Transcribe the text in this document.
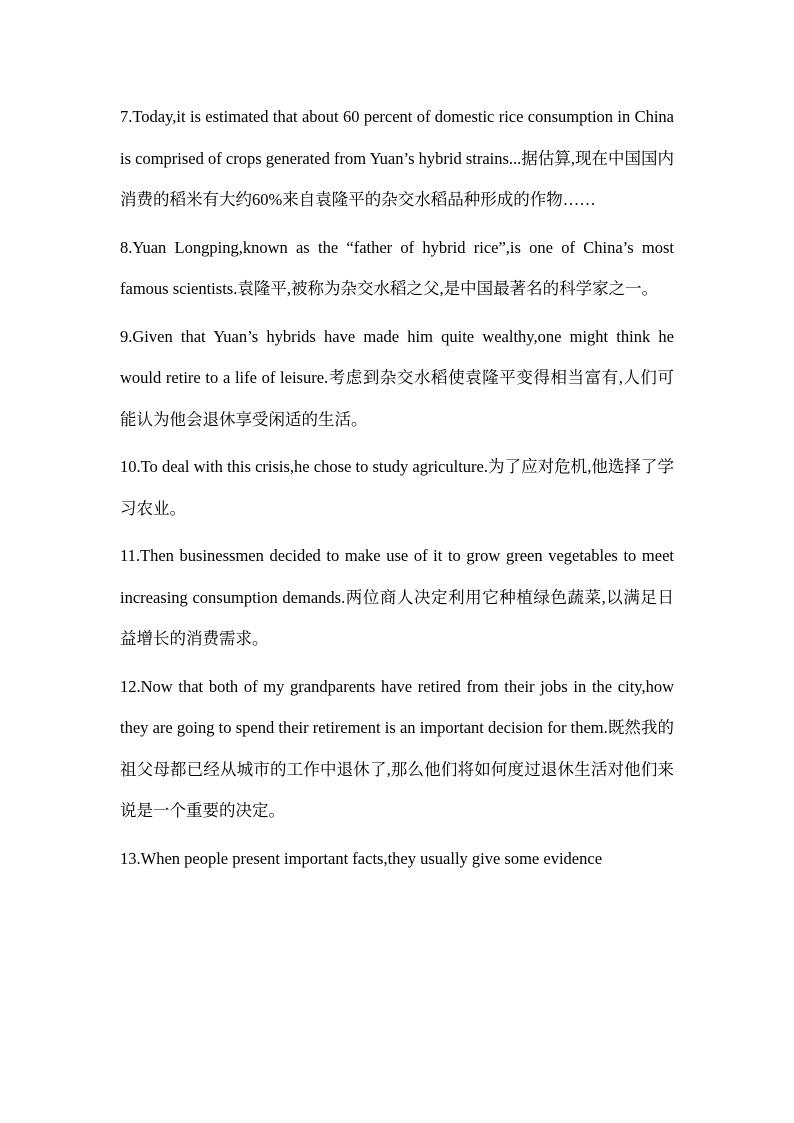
7.Today,it is estimated that about 60 percent of domestic rice consumption in China is comprised of crops generated from Yuan’s hybrid strains...据估算,现在中国国内消费的稻米有大约60%来自袁隆平的杂交水稻品种形成的作物……

8.Yuan Longping,known as the “father of hybrid rice”,is one of China’s most famous scientists.袁隆平,被称为杂交水稻之父,是中国最著名的科学家之一。

9.Given that Yuan’s hybrids have made him quite wealthy,one might think he would retire to a life of leisure.考虑到杂交水稻使袁隆平变得相当富有,人们可能认为他会退休享受闲适的生活。

10.To deal with this crisis,he chose to study agriculture.为了应对危机,他选择了学习农业。

11.Then businessmen decided to make use of it to grow green vegetables to meet increasing consumption demands.两位商人决定利用它种植绿色蔬菜,以满足日益增长的消费需求。

12.Now that both of my grandparents have retired from their jobs in the city,how they are going to spend their retirement is an important decision for them.既然我的祖父母都已经从城市的工作中退休了,那么他们将如何度过退休生活对他们来说是一个重要的决定。

13.When people present important facts,they usually give some evidence
